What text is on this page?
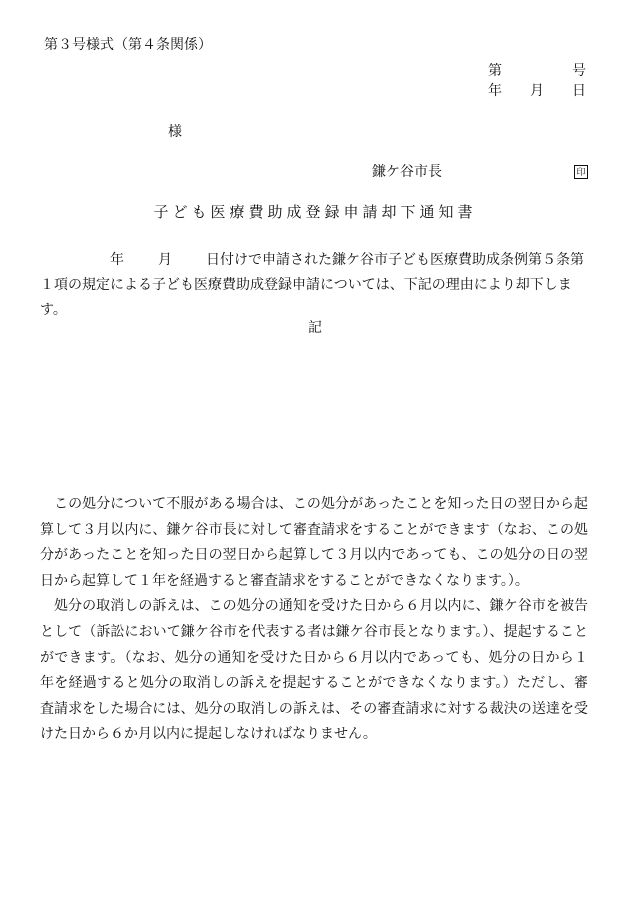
第３号様式（第４条関係）
第	号
年 月 日
様
鎌ケ谷市長	印
子ども医療費助成登録申請却下通知書
年 月 日付けで申請された鎌ケ谷市子ども医療費助成条例第５条第１項の規定による子ども医療費助成登録申請については、下記の理由により却下します。
記

この処分について不服がある場合は、この処分があったことを知った日の翌日から起算して３月以内に、鎌ケ谷市長に対して審査請求をすることができます（なお、この処分があったことを知った日の翌日から起算して３月以内であっても、この処分の日の翌日から起算して１年を経過すると審査請求をすることができなくなります。）。

処分の取消しの訴えは、この処分の通知を受けた日から６月以内に、鎌ケ谷市を被告として（訴訟において鎌ケ谷市を代表する者は鎌ケ谷市長となります。）、提起することができます。（なお、処分の通知を受けた日から６月以内であっても、処分の日から１年を経過すると処分の取消しの訴えを提起することができなくなります。）ただし、審査請求をした場合には、処分の取消しの訴えは、その審査請求に対する裁決の送達を受けた日から６か月以内に提起しなければなりません。
